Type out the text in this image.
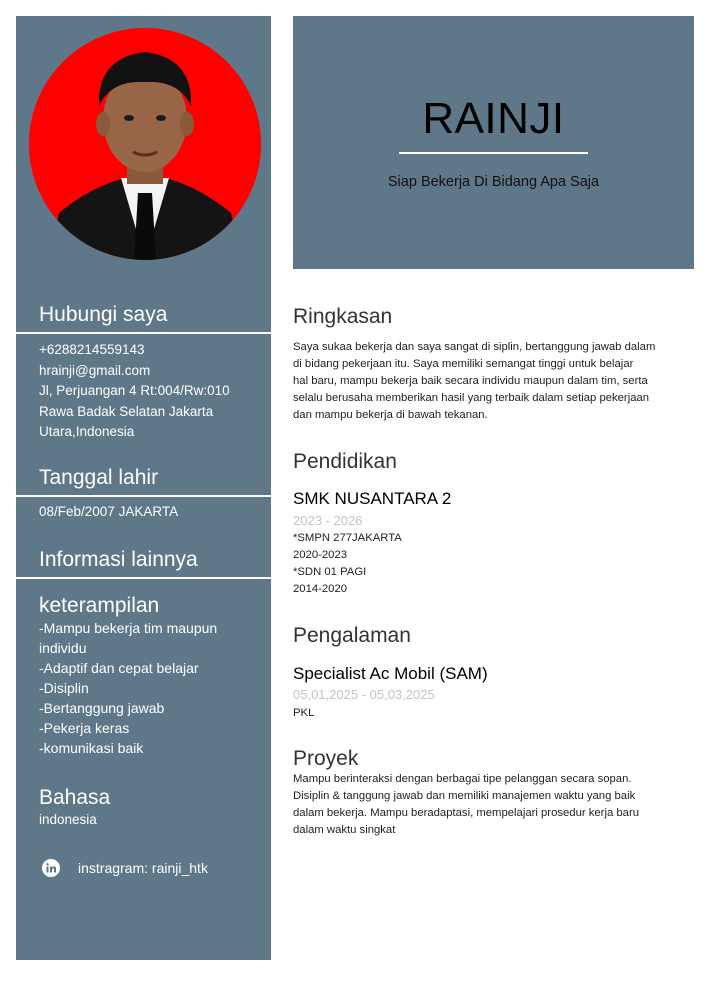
Hubungi saya
+6288214559143
hrainji@gmail.com
Jl, Perjuangan 4 Rt:004/Rw:010
Rawa Badak Selatan Jakarta
Utara,Indonesia
Tanggal lahir
08/Feb/2007 JAKARTA
Informasi lainnya
keterampilan
-Mampu bekerja tim maupun
individu
-Adaptif dan cepat belajar
-Disiplin
-Bertanggung jawab
-Pekerja keras
-komunikasi baik
Bahasa
indonesia
instragram: rainji_htk
RAINJI
Siap Bekerja Di Bidang Apa Saja
Ringkasan
Saya sukaa bekerja dan saya sangat di siplin, bertanggung jawab dalam
di bidang pekerjaan itu. Saya memiliki semangat tinggi untuk belajar
hal baru, mampu bekerja baik secara individu maupun dalam tim, serta
selalu berusaha memberikan hasil yang terbaik dalam setiap pekerjaan
dan mampu bekerja di bawah tekanan.
Pendidikan
SMK NUSANTARA 2
2023 - 2026
*SMPN 277JAKARTA
2020-2023
*SDN 01 PAGI
2014-2020
Pengalaman
Specialist Ac Mobil (SAM)
05,01,2025 - 05,03,2025
PKL
Proyek
Mampu berinteraksi dengan berbagai tipe pelanggan secara sopan.
Disiplin & tanggung jawab dan memiliki manajemen waktu yang baik
dalam bekerja. Mampu beradaptasi, mempelajari prosedur kerja baru
dalam waktu singkat
